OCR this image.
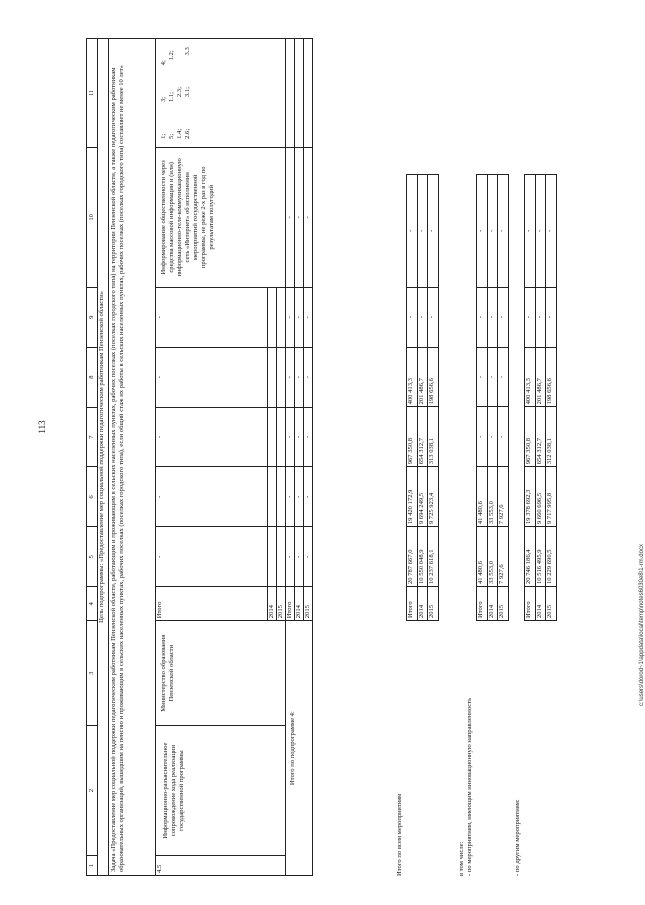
113
c:\users\dorod~1\appdata\local\temp\notes6030e8\1-rm.docx
1	2	3	4	5	6	7	8	9	10	11
Цель подпрограммы: «Предоставление мер социальной поддержки педагогическим работникам Пензенской области»										
Задача «Предоставление мер социальной поддержки педагогическим работникам Пензенской области, работающим и проживающим в сельских населенных пунктах, рабочих поселках (поселках городского типа) на территории Пензенской области, а также педагогическим работникам образовательных организаций, вышедшим на пенсию и проживающим в сельских населенных пунктах, рабочих поселках (поселках городского типа), если общий стаж их работы в сельских населенных пунктах, рабочих поселках (поселках городского типа) составляет не менее 10 лет»										
4.5	Информационно-разъяснительное сопровождение хода реализации государственной программы	Министерство образования Пензенской области	Итого	-	-	-	-	-	Информирование общественности через средства массовой информации и (или) информационно-теле-коммуникационную сеть «Интернет» об исполнении мероприятий государственной программы, не реже 2-х раз в год по результатам полугодий	1; 3; 4; 5; 1.1; 1.2; 1.4; 2.3; 2.6; 3.1; 3.3
			2014							
			2015							
Итого по подпрограмме 4:			Итого	-	-	-	-	-	-	
			2014	-	-	-	-	-	-	
			2015	-	-	-	-	-	-	
Итого по всем мероприятиям
Итого	20 787 667,0	19 420 172,9	967 350,8	400 413,3	-	-
2014	10 550 048,9	9 694 249,5	654 312,7	201 486,7	-	-
2015	10 237 618,1	9 725 923,4	313 038,1	198 656,6	-	-
в том числе: - по мероприятиям, имеющим инновационную направленность
Итого	41 480,6	41 480,6	-	-	-	-
2014	33 553,0	33 553,0	-	-	-	-
2015	7 927,6	7 927,6	-	-	-	-
- по другим мероприятиям:
Итого	20 746 186,4	19 378 692,3	967 350,8	400 413,3	-	-
2014	10 516 495,9	9 660 696,5	654 312,7	201 486,7	-	-
2015	10 229 690,5	9 717 995,8	312 038,1	198 656,6	-	-
